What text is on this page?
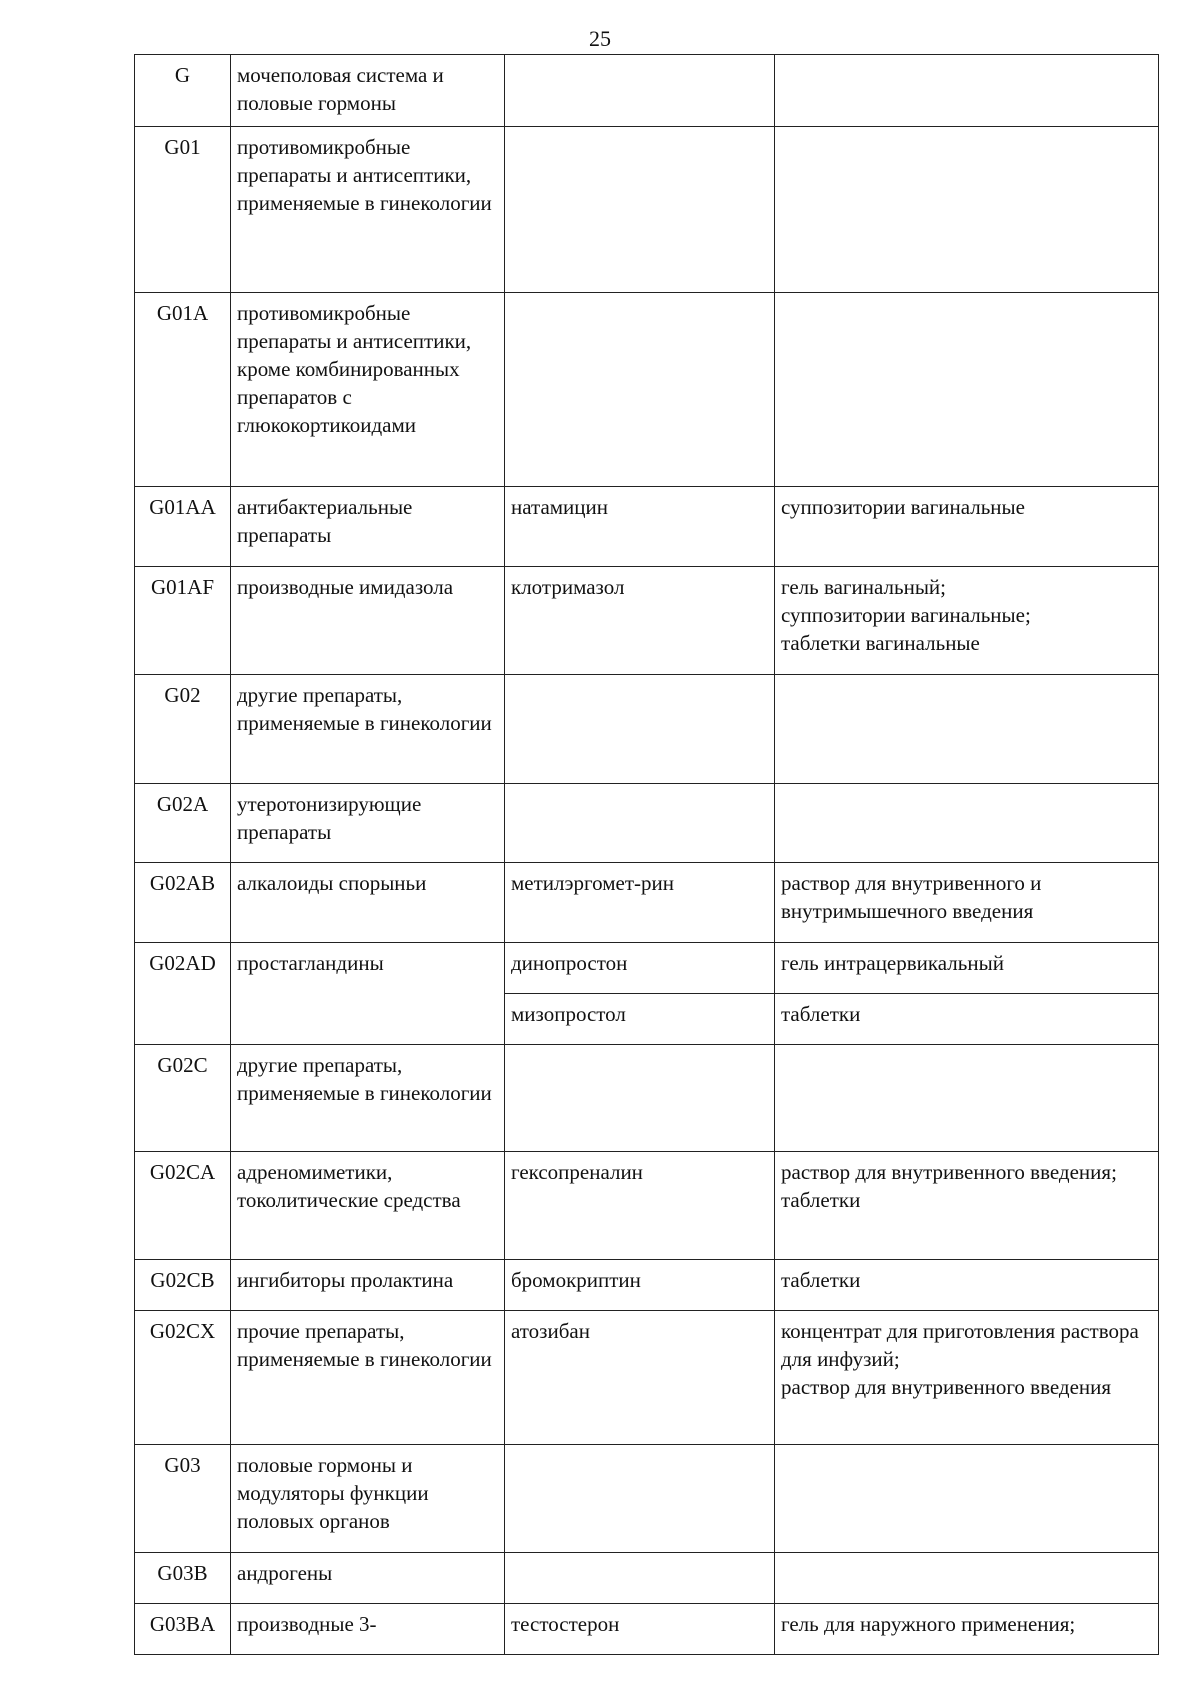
25
G	мочеполовая система и половые гормоны		
G01	противомикробные препараты и антисептики, применяемые в гинекологии		
G01A	противомикробные препараты и антисептики, кроме комбинированных препаратов с глюкокортикоидами		
G01AA	антибактериальные препараты	натамицин	суппозитории вагинальные
G01AF	производные имидазола	клотримазол	гель вагинальный;
суппозитории вагинальные;
таблетки вагинальные
G02	другие препараты, применяемые в гинекологии		
G02A	утеротонизирующие препараты		
G02AB	алкалоиды спорыньи	метилэргомет-рин	раствор для внутривенного и внутримышечного введения
G02AD	простагландины	динопростон	гель интрацервикальный
		мизопростол	таблетки
G02C	другие препараты, применяемые в гинекологии		
G02CA	адреномиметики, токолитические средства	гексопреналин	раствор для внутривенного введения;
таблетки
G02CB	ингибиторы пролактина	бромокриптин	таблетки
G02CX	прочие препараты, применяемые в гинекологии	атозибан	концентрат для приготовления раствора для инфузий;
раствор для внутривенного введения
G03	половые гормоны и модуляторы функции половых органов		
G03B	андрогены		
G03BA	производные 3-	тестостерон	гель для наружного применения;
